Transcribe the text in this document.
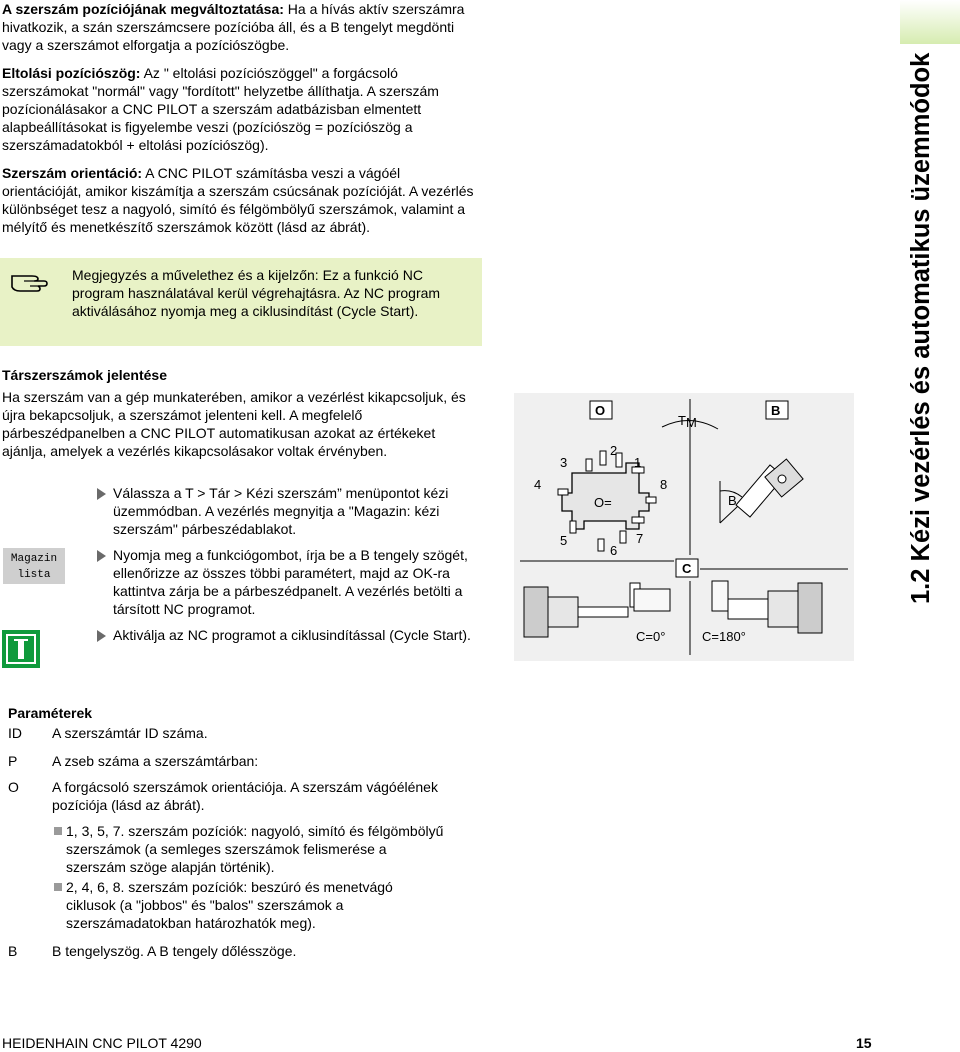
A szerszám pozíciójának megváltoztatása: Ha a hívás aktív szerszámra hivatkozik, a szán szerszámcsere pozícióba áll, és a B tengelyt megdönti vagy a szerszámot elforgatja a pozíciószögbe.

Eltolási pozíciószög: Az " eltolási pozíciószöggel" a forgácsoló szerszámokat "normál" vagy "fordított" helyzetbe állíthatja. A szerszám pozícionálásakor a CNC PILOT a szerszám adatbázisban elmentett alapbeállításokat is figyelembe veszi (pozíciószög = pozíciószög a szerszámadatokból + eltolási pozíciószög).

Szerszám orientáció: A CNC PILOT számításba veszi a vágóél orientációját, amikor kiszámítja a szerszám csúcsának pozícióját. A vezérlés különbséget tesz a nagyoló, simító és félgömbölyű szerszámok, valamint a mélyítő és menetkészítő szerszámok között (lásd az ábrát).

Megjegyzés a művelethez és a kijelzőn: Ez a funkció NC program használatával kerül végrehajtásra. Az NC program aktiválásához nyomja meg a ciklusindítást (Cycle Start).

Társzerszámok jelentése

Ha szerszám van a gép munkaterében, amikor a vezérlést kikapcsoljuk, és újra bekapcsoljuk, a szerszámot jelenteni kell. A megfelelő párbeszédpanelben a CNC PILOT automatikusan azokat az értékeket ajánlja, amelyek a vezérlés kikapcsolásakor voltak érvényben.

Válassza a T > Tár > Kézi szerszám” menüpontot kézi üzemmódban. A vezérlés megnyitja a "Magazin: kézi szerszám" párbeszédablakot.

Nyomja meg a funkciógombot, írja be a B tengely szögét, ellenőrizze az összes többi paramétert, majd az OK-ra kattintva zárja be a párbeszédpanelt. A vezérlés betölti a társított NC programot.

Aktiválja az NC programot a ciklusindítással (Cycle Start).

Magazin
lista
O	B
C
T M
O=	B
C=0°	C=180°
1
2
3
4
5
6
7
8	1.2 Kézi vezérlés és automatikus üzemmódok

Paraméterek

ID	A szerszámtár ID száma.
P	A zseb száma a szerszámtárban:
O	A forgácsoló szerszámok orientációja. A szerszám vágóélének pozíciója (lásd az ábrát).
1, 3, 5, 7. szerszám pozíciók: nagyoló, simító és félgömbölyű szerszámok (a semleges szerszámok felismerése a szerszám szöge alapján történik).
2, 4, 6, 8. szerszám pozíciók: beszúró és menetvágó ciklusok (a "jobbos" és "balos" szerszámok a szerszámadatokban határozhatók meg).
B	B tengelyszög. A B tengely dőlésszöge.

HEIDENHAIN CNC PILOT 4290	15
